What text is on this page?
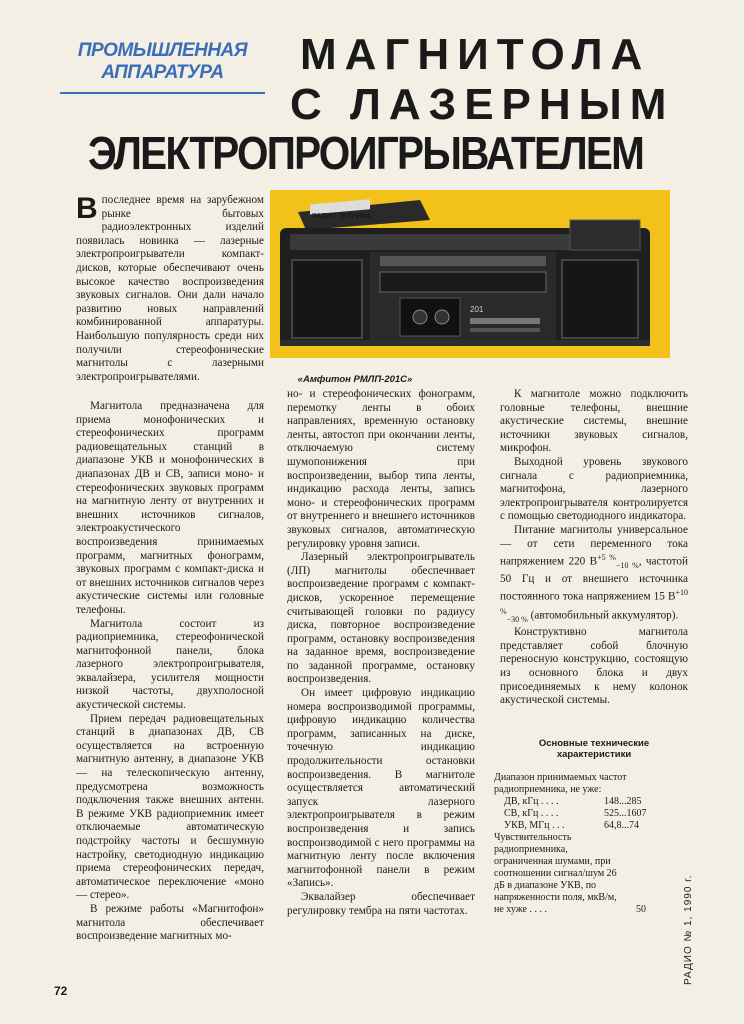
ПРОМЫШЛЕННАЯ
АППАРАТУРА	МАГНИТОЛА
С ЛАЗЕРНЫМ
ЭЛЕКТРОПРОИГРЫВАТЕЛЕМ
РАДИО ТЕХНИКА
201
«Амфитон РМЛП-201С»

Впоследнее время на зарубежном рынке бытовых радиоэлектронных изделий появилась новинка — лазерные электропроигрыватели компакт-дисков, которые обеспечивают очень высокое качество воспроизведения звуковых сигналов. Они дали начало развитию новых направлений комбинированной аппаратуры. Наибольшую популярность среди них получили стереофонические магнитолы с лазерными электропроигрывателями.

Магнитола предназначена для приема монофонических и стереофонических программ радиовещательных станций в диапазоне УКВ и монофонических в диапазонах ДВ и СВ, записи моно- и стереофонических звуковых программ на магнитную ленту от внутренних и внешних источников сигналов, электроакустического воспроизведения принимаемых программ, магнитных фонограмм, звуковых программ с компакт-диска и от внешних источников сигналов через акустические системы или головные телефоны.

Магнитола состоит из радиоприемника, стереофонической магнитофонной панели, блока лазерного электропроигрывателя, эквалайзера, усилителя мощности низкой частоты, двухполосной акустической системы.

Прием передач радиовещательных станций в диапазонах ДВ, СВ осуществляется на встроенную магнитную антенну, в диапазоне УКВ — на телескопическую антенну, предусмотрена возможность подключения также внешних антенн. В режиме УКВ радиоприемник имеет отключаемые автоматическую подстройку частоты и бесшумную настройку, светодиодную индикацию приема стереофонических передач, автоматическое переключение «моно — стерео».

В режиме работы «Магнитофон» магнитола обеспечивает воспроизведение магнитных мо-

но- и стереофонических фонограмм, перемотку ленты в обоих направлениях, временную остановку ленты, автостоп при окончании ленты, отключаемую систему шумопонижения при воспроизведении, выбор типа ленты, индикацию расхода ленты, запись моно- и стереофонических программ от внутреннего и внешнего источников звуковых сигналов, автоматическую регулировку уровня записи.

Лазерный электропроигрыватель (ЛП) магнитолы обеспечивает воспроизведение программ с компакт-дисков, ускоренное перемещение считывающей головки по радиусу диска, повторное воспроизведение программ, остановку воспроизведения на заданное время, воспроизведение по заданной программе, остановку воспроизведения.

Он имеет цифровую индикацию номера воспроизводимой программы, цифровую индикацию количества программ, записанных на диске, точечную индикацию продолжительности остановки воспроизведения. В магнитоле осуществляется автоматический запуск лазерного электропроигрывателя в режим воспроизведения и запись воспроизводимой с него программы на магнитную ленту после включения магнитофонной панели в режим «Запись».

Эквалайзер обеспечивает регулировку тембра на пяти частотах.

К магнитоле можно подключить головные телефоны, внешние акустические системы, внешние источники звуковых сигналов, микрофон.

Выходной уровень звукового сигнала с радиоприемника, магнитофона, лазерного электропроигрывателя контролируется с помощью светодиодного индикатора.

Питание магнитолы универсальное — от сети переменного тока напряжением 220 $В^{+5 \%}_{-10 \%}$, частотой 50 Гц и от внешнего источника постоянного тока напряжением 15 $В^{+10 \%}_{-30 \%}$ (автомобильный аккумулятор).

Конструктивно магнитола представляет собой блочную переносную конструкцию, состоящую из основного блока и двух присоединяемых к нему колонок акустической системы.

Основные технические
характеристики
Диапазон принимаемых частот радиоприемника, не уже:
ДВ, кГц . . . .	148...285
СВ, кГц . . . .	525...1607
УКВ, МГц . . .	64,8...74
Чувствительность радиоприемника, ограниченная шумами, при соотношении сигнал/шум 26 дБ в диапазоне УКВ, по напряженности поля, мкВ/м, не хуже . . . .	50
72
РАДИО № 1, 1990 г.
